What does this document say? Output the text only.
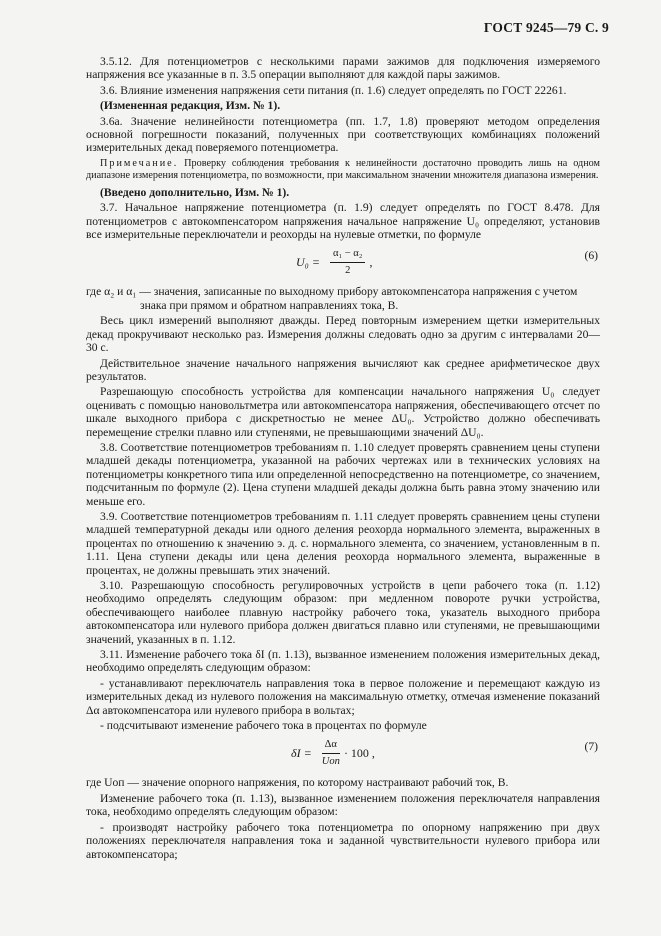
ГОСТ 9245—79 С. 9

3.5.12. Для потенциометров с несколькими парами зажимов для подключения измеряемого напряжения все указанные в п. 3.5 операции выполняют для каждой пары зажимов.

3.6. Влияние изменения напряжения сети питания (п. 1.6) следует определять по ГОСТ 22261.

(Измененная редакция, Изм. № 1).

3.6а. Значение нелинейности потенциометра (пп. 1.7, 1.8) проверяют методом определения основной погрешности показаний, полученных при соответствующих комбинациях положений измерительных декад поверяемого потенциометра.

Примечание. Проверку соблюдения требования к нелинейности достаточно проводить лишь на одном диапазоне измерения потенциометра, по возможности, при максимальном значении множителя диапазона измерения.

(Введено дополнительно, Изм. № 1).

3.7. Начальное напряжение потенциометра (п. 1.9) следует определять по ГОСТ 8.478. Для потенциометров с автокомпенсатором напряжения начальное напряжение U₀ определяют, установив все измерительные переключатели и реохорды на нулевые отметки, по формуле

$U_0 = \frac{\text{α₁ − α₂}}{2}$ ,	(6)
где α₂ и α₁ — значения, записанные по выходному прибору автокомпенсатора напряжения с учетом
знака при прямом и обратном направлениях тока, В.

Весь цикл измерений выполняют дважды. Перед повторным измерением щетки измерительных декад прокручивают несколько раз. Измерения должны следовать одно за другим с интервалами 20—30 с.

Действительное значение начального напряжения вычисляют как среднее арифметическое двух результатов.

Разрешающую способность устройства для компенсации начального напряжения U₀ следует оценивать с помощью нановольтметра или автокомпенсатора напряжения, обеспечивающего отсчет по шкале выходного прибора с дискретностью не менее ΔU₀. Устройство должно обеспечивать перемещение стрелки плавно или ступенями, не превышающими значений ΔU₀.

3.8. Соответствие потенциометров требованиям п. 1.10 следует проверять сравнением цены ступени младшей декады потенциометра, указанной на рабочих чертежах или в технических условиях на потенциометры конкретного типа или определенной непосредственно на потенциометре, со значением, подсчитанным по формуле (2). Цена ступени младшей декады должна быть равна этому значению или меньше его.

3.9. Соответствие потенциометров требованиям п. 1.11 следует проверять сравнением цены ступени младшей температурной декады или одного деления реохорда нормального элемента, выраженных в процентах по отношению к значению э. д. с. нормального элемента, со значением, установленным в п. 1.11. Цена ступени декады или цена деления реохорда нормального элемента, выраженные в процентах, не должны превышать этих значений.

3.10. Разрешающую способность регулировочных устройств в цепи рабочего тока (п. 1.12) необходимо определять следующим образом: при медленном повороте ручки устройства, обеспечивающего наиболее плавную настройку рабочего тока, указатель выходного прибора автокомпенсатора или нулевого прибора должен двигаться плавно или ступенями, не превышающими значений, указанных в п. 1.12.

3.11. Изменение рабочего тока δI (п. 1.13), вызванное изменением положения измерительных декад, необходимо определять следующим образом:

- устанавливают переключатель направления тока в первое положение и перемещают каждую из измерительных декад из нулевого положения на максимальную отметку, отмечая изменение показаний Δα автокомпенсатора или нулевого прибора в вольтах;

- подсчитывают изменение рабочего тока в процентах по формуле

$\delta I = \frac{\Delta\alpha}{\text{Uоп}} \cdot 100$ ,	(7)

где Uоп — значение опорного напряжения, по которому настраивают рабочий ток, В.

Изменение рабочего тока (п. 1.13), вызванное изменением положения переключателя направления тока, необходимо определять следующим образом:

- производят настройку рабочего тока потенциометра по опорному напряжению при двух положениях переключателя направления тока и заданной чувствительности нулевого прибора или автокомпенсатора;
